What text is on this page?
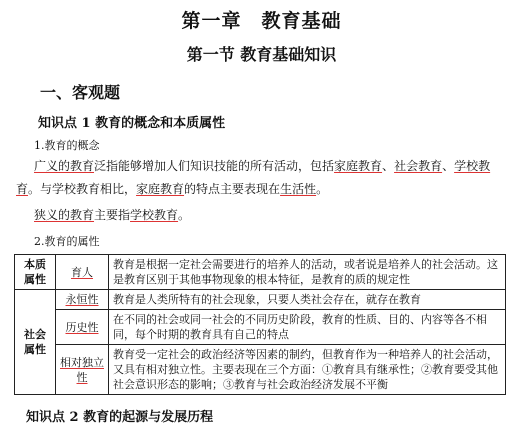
第一章　教育基础
第一节 教育基础知识
一、客观题
知识点 1 教育的概念和本质属性
1.教育的概念
广义的教育泛指能够增加人们知识技能的所有活动，包括家庭教育、社会教育、学校教
育。与学校教育相比，家庭教育的特点主要表现在生活性。
狭义的教育主要指学校教育。
2.教育的属性
本质属性	育人	教育是根据一定社会需要进行的培养人的活动，或者说是培养人的社会活动。这是教育区别于其他事物现象的根本特征，是教育的质的规定性
社会属性	永恒性	教育是人类所特有的社会现象，只要人类社会存在，就存在教育
	历史性	在不同的社会或同一社会的不同历史阶段，教育的性质、目的、内容等各不相同，每个时期的教育具有自己的特点
	相对独立性	教育受一定社会的政治经济等因素的制约，但教育作为一种培养人的社会活动，又具有相对独立性。主要表现在三个方面：①教育具有继承性；②教育要受其他社会意识形态的影响；③教育与社会政治经济发展不平衡
知识点 2 教育的起源与发展历程
